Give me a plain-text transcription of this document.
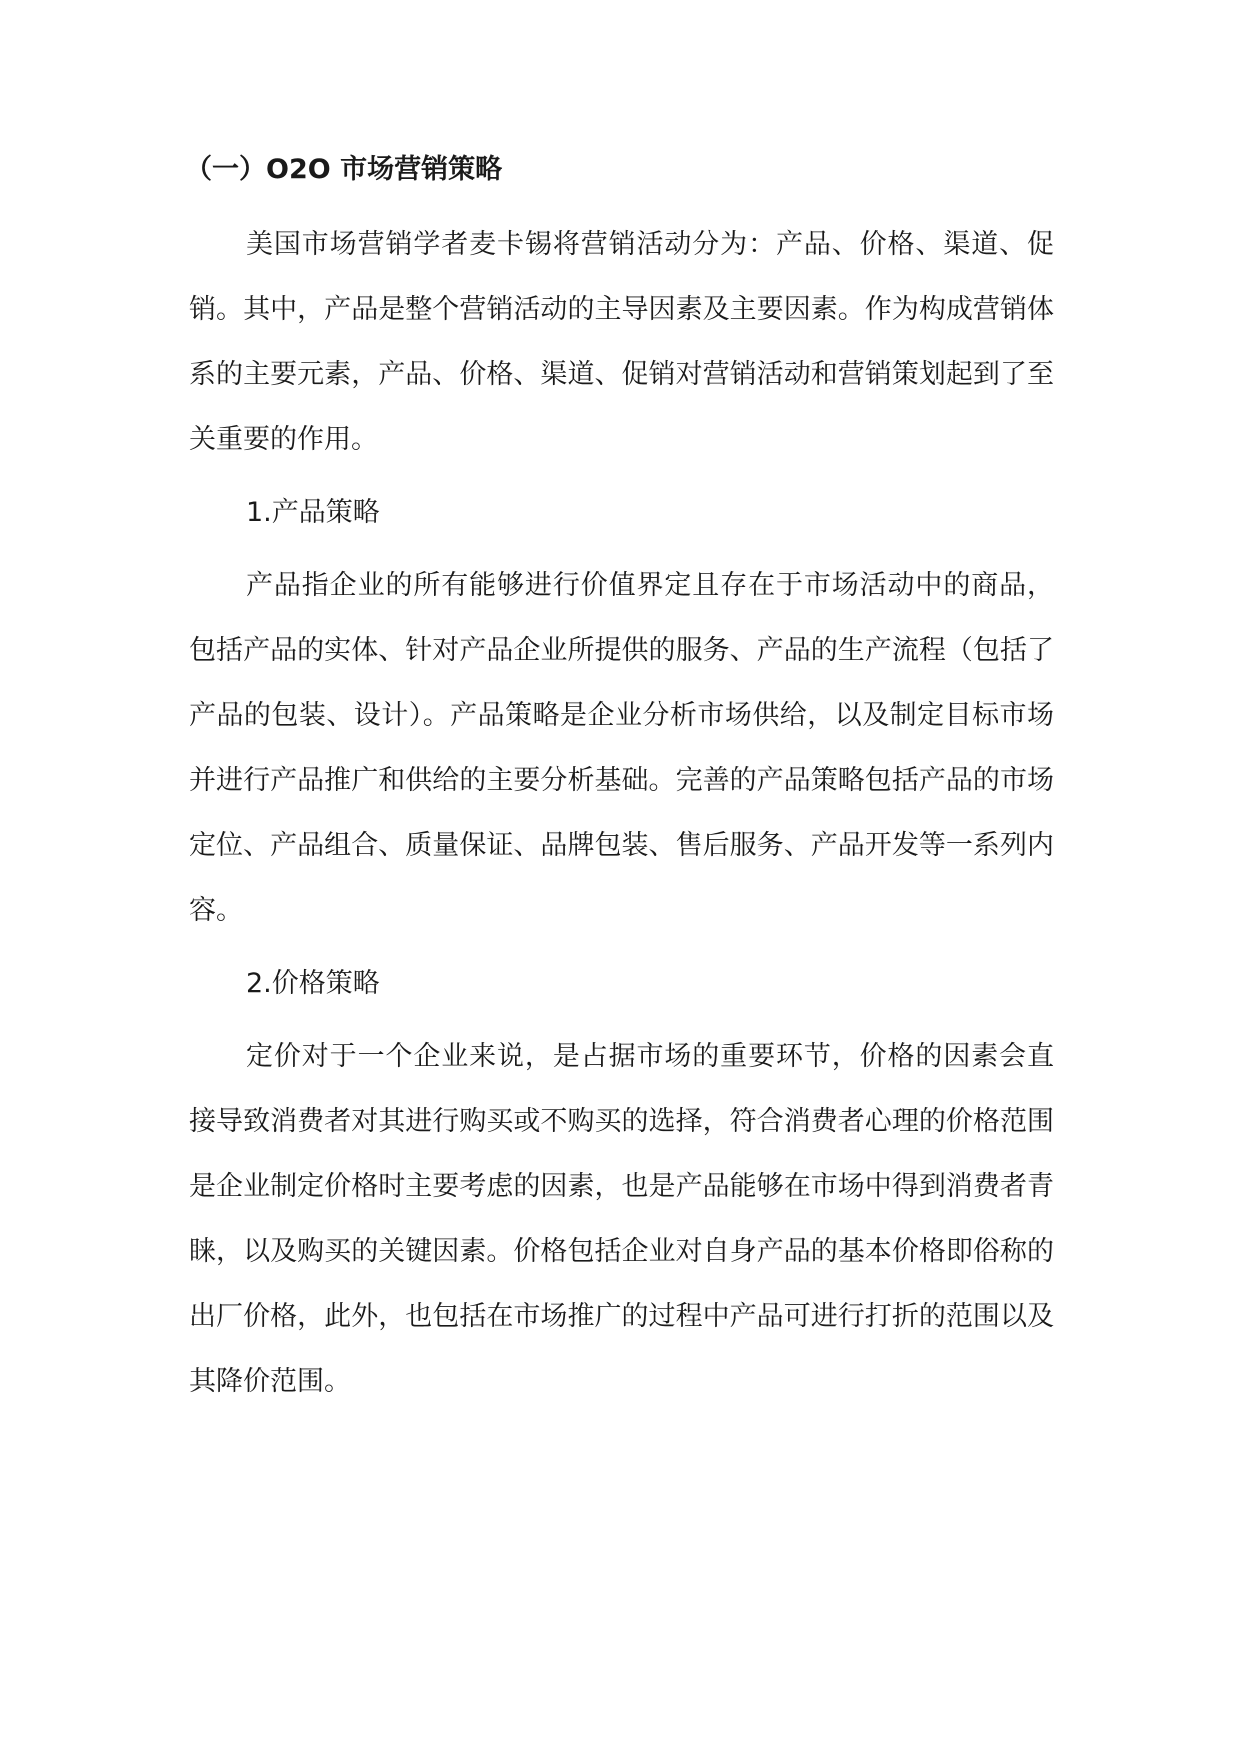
（一）O2O 市场营销策略

美国市场营销学者麦卡锡将营销活动分为：产品、价格、渠道、促销。其中，产品是整个营销活动的主导因素及主要因素。作为构成营销体系的主要元素，产品、价格、渠道、促销对营销活动和营销策划起到了至关重要的作用。

1.产品策略

产品指企业的所有能够进行价值界定且存在于市场活动中的商品，包括产品的实体、针对产品企业所提供的服务、产品的生产流程（包括了产品的包装、设计）。产品策略是企业分析市场供给，以及制定目标市场并进行产品推广和供给的主要分析基础。完善的产品策略包括产品的市场定位、产品组合、质量保证、品牌包装、售后服务、产品开发等一系列内容。

2.价格策略

定价对于一个企业来说，是占据市场的重要环节，价格的因素会直接导致消费者对其进行购买或不购买的选择，符合消费者心理的价格范围是企业制定价格时主要考虑的因素，也是产品能够在市场中得到消费者青睐，以及购买的关键因素。价格包括企业对自身产品的基本价格即俗称的出厂价格，此外，也包括在市场推广的过程中产品可进行打折的范围以及其降价范围。
